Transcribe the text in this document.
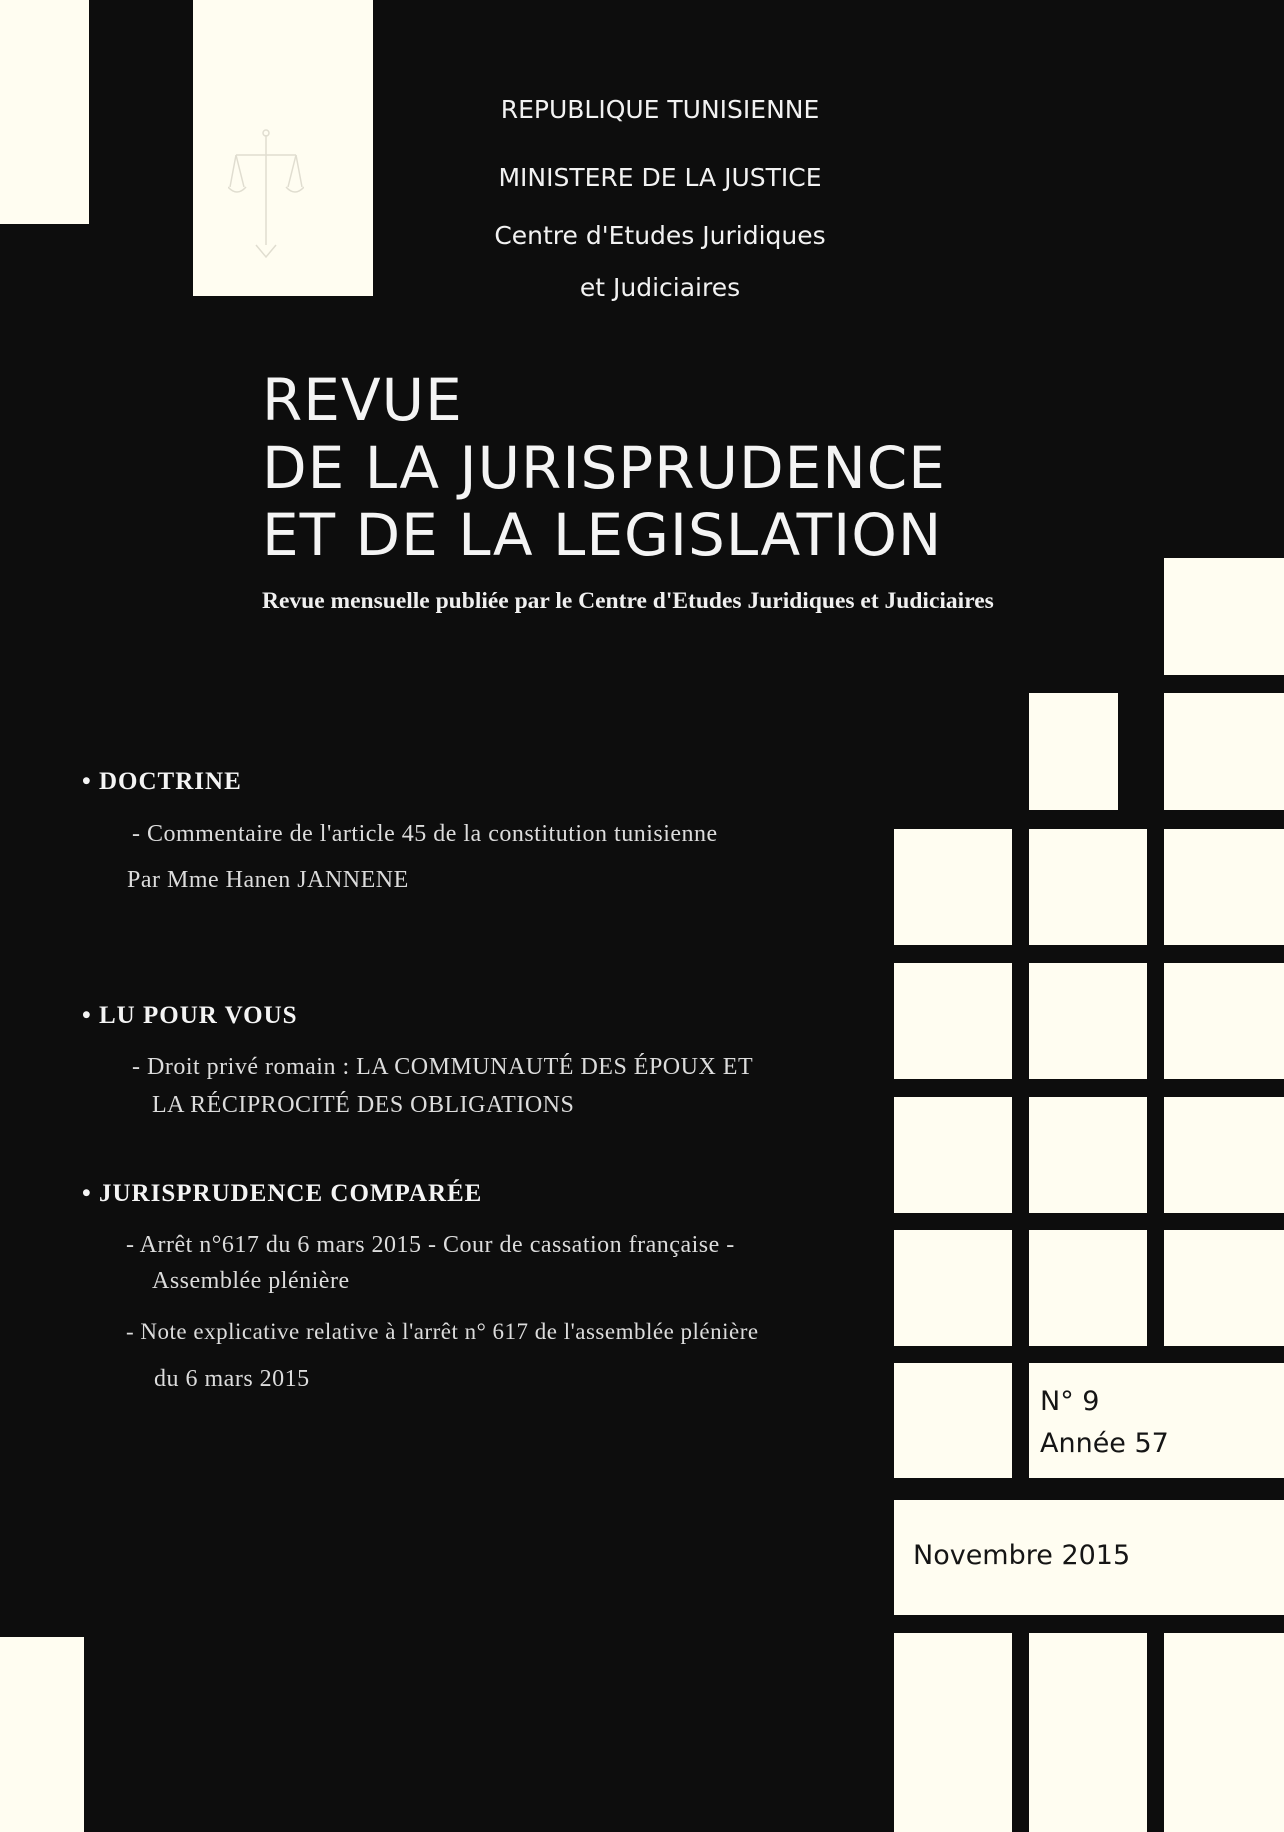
REPUBLIQUE TUNISIENNE
MINISTERE DE LA JUSTICE
Centre d'Etudes Juridiques
et Judiciaires
REVUE
DE LA JURISPRUDENCE
ET DE LA LEGISLATION
Revue mensuelle publiée par le Centre d'Etudes Juridiques et Judiciaires
• DOCTRINE
- Commentaire de l'article 45 de la constitution tunisienne
Par Mme Hanen JANNENE
• LU POUR VOUS
- Droit privé romain : LA COMMUNAUTÉ DES ÉPOUX ET
LA RÉCIPROCITÉ DES OBLIGATIONS
• JURISPRUDENCE COMPARÉE
- Arrêt n°617 du 6 mars 2015 - Cour de cassation française -
Assemblée plénière
- Note explicative relative à l'arrêt n° 617 de l'assemblée plénière
du 6 mars 2015
N° 9
Année 57
Novembre 2015
